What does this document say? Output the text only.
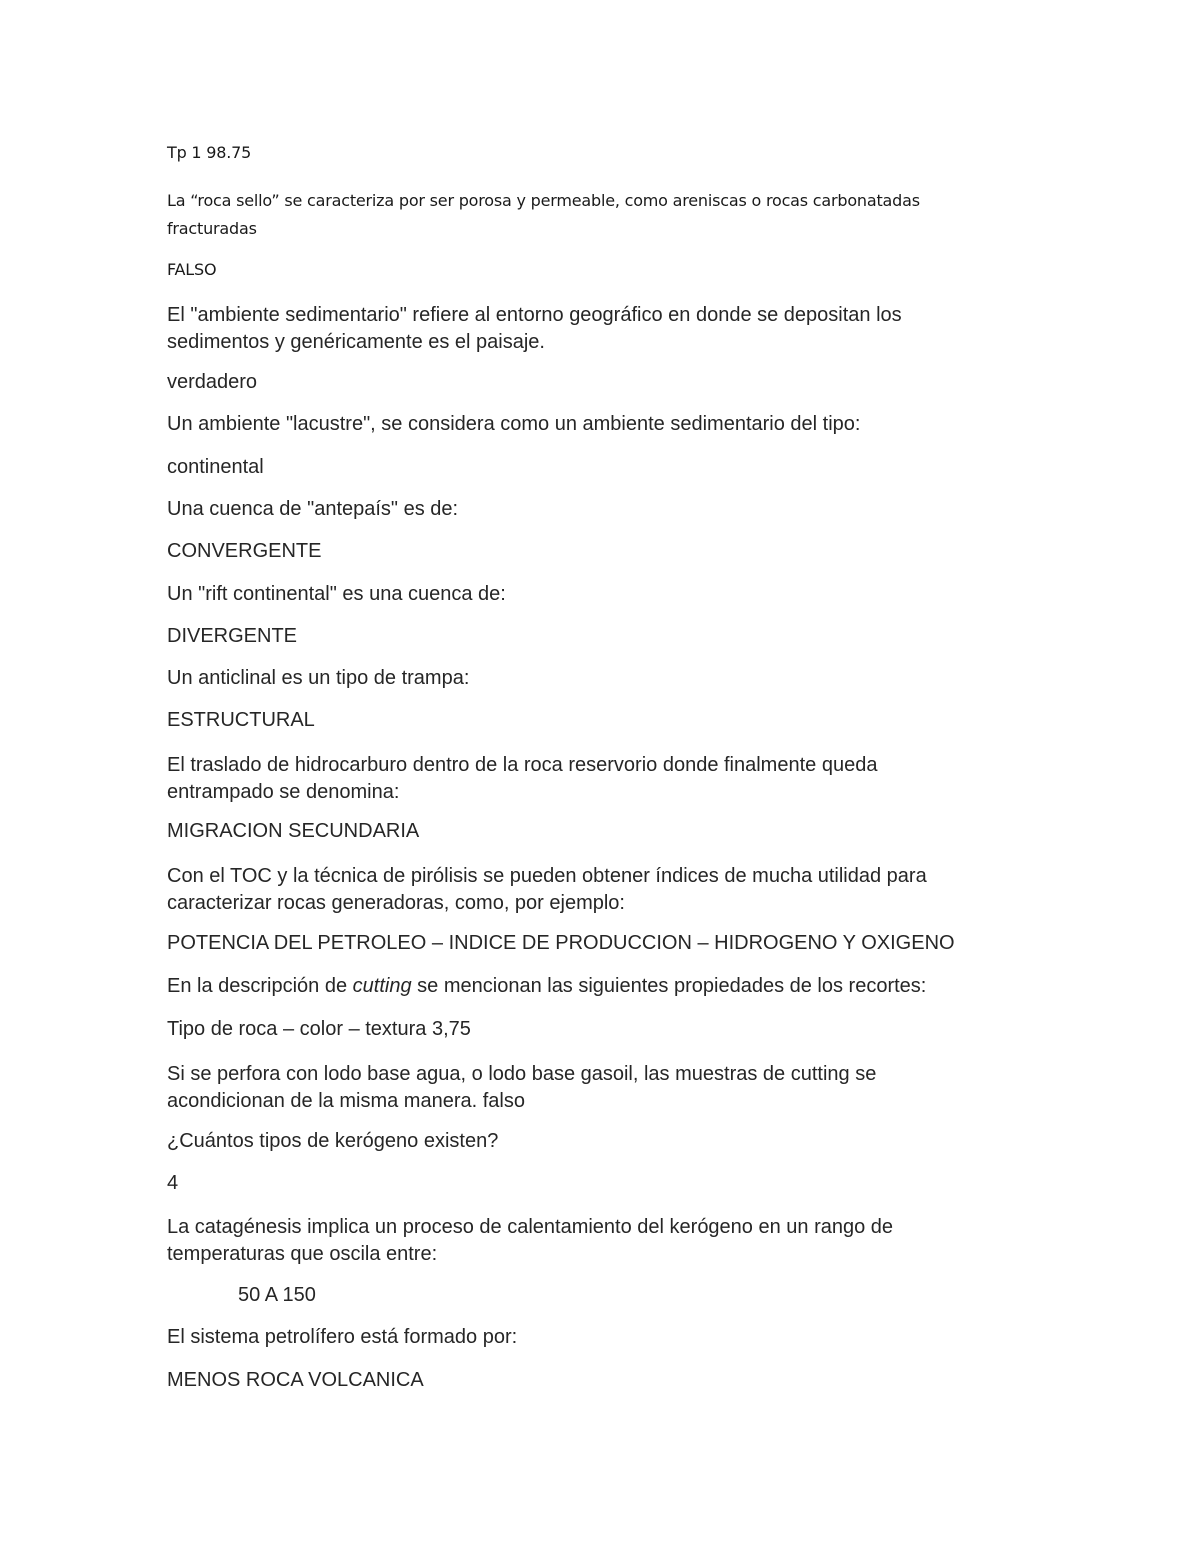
Tp 1 98.75

La “roca sello” se caracteriza por ser porosa y permeable, como areniscas o rocas carbonatadas
fracturadas

FALSO

El "ambiente sedimentario" refiere al entorno geográfico en donde se depositan los
sedimentos y genéricamente es el paisaje.

verdadero

Un ambiente "lacustre", se considera como un ambiente sedimentario del tipo:

continental

Una cuenca de "antepaís" es de:

CONVERGENTE

Un "rift continental" es una cuenca de:

DIVERGENTE

Un anticlinal es un tipo de trampa:

ESTRUCTURAL

El traslado de hidrocarburo dentro de la roca reservorio donde finalmente queda
entrampado se denomina:

MIGRACION SECUNDARIA

Con el TOC y la técnica de pirólisis se pueden obtener índices de mucha utilidad para
caracterizar rocas generadoras, como, por ejemplo:

POTENCIA DEL PETROLEO – INDICE DE PRODUCCION – HIDROGENO Y OXIGENO

En la descripción de cutting se mencionan las siguientes propiedades de los recortes:

Tipo de roca – color – textura 3,75

Si se perfora con lodo base agua, o lodo base gasoil, las muestras de cutting se
acondicionan de la misma manera. falso

¿Cuántos tipos de kerógeno existen?

4

La catagénesis implica un proceso de calentamiento del kerógeno en un rango de
temperaturas que oscila entre:

50 A 150

El sistema petrolífero está formado por:

MENOS ROCA VOLCANICA
